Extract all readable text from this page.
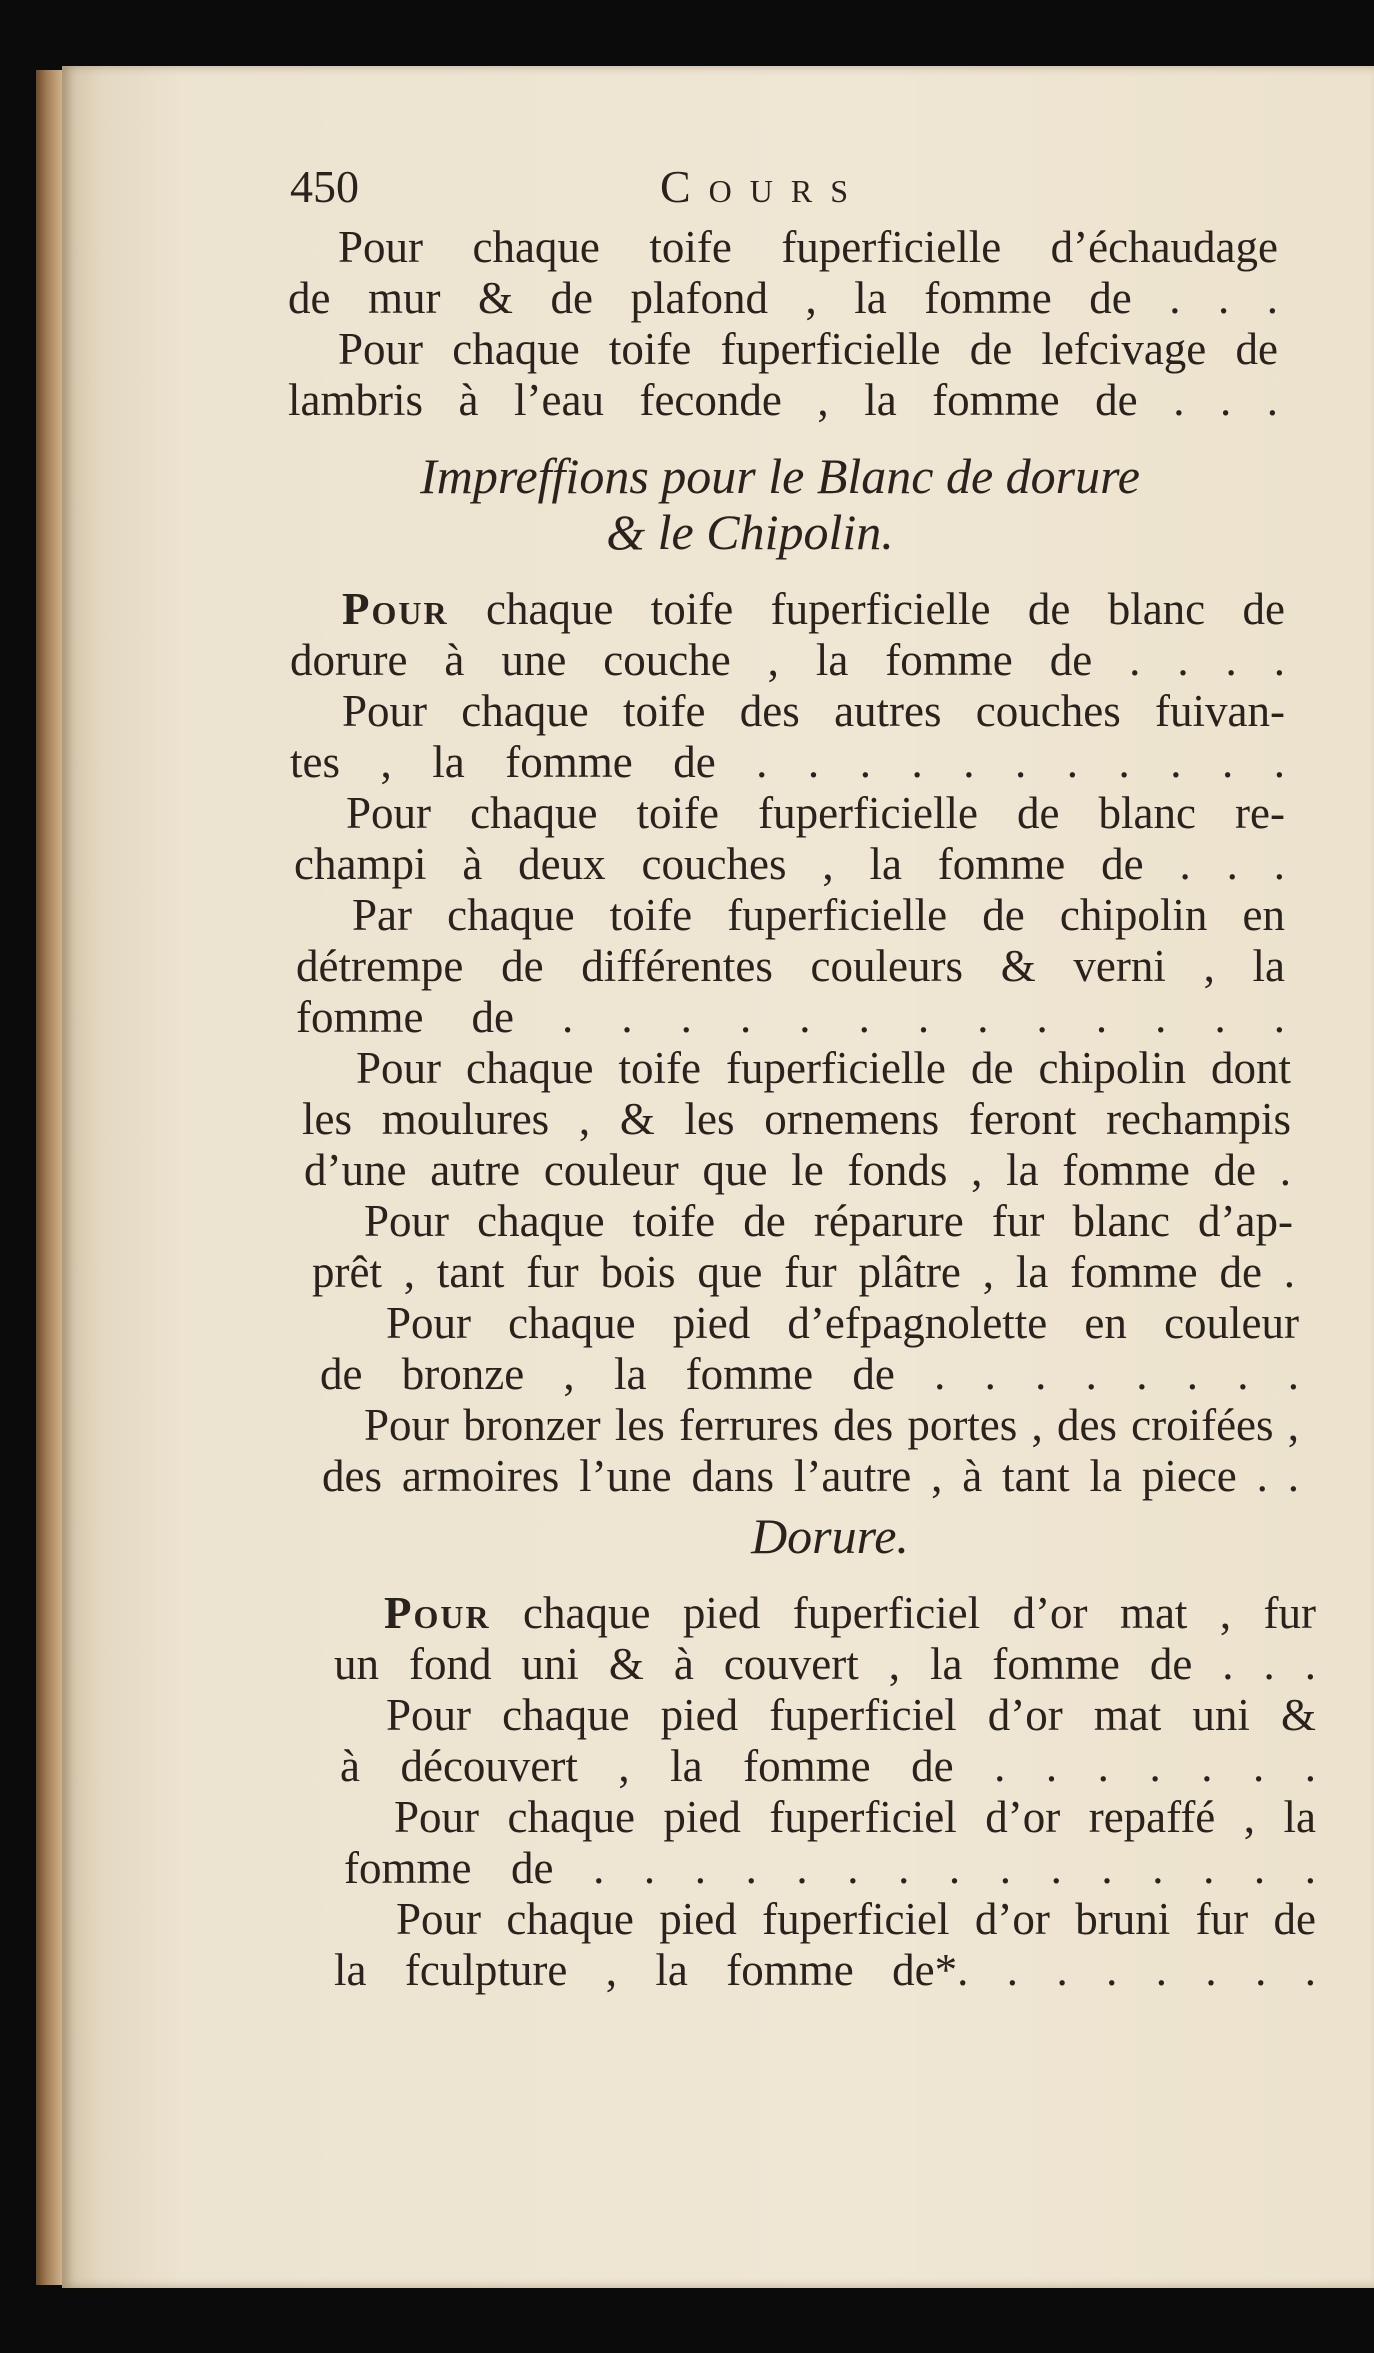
450	Cours
Pour chaque toife fuperficielle d’échaudage
de mur & de plafond , la fomme de . . .
Pour chaque toife fuperficielle de lefcivage de
lambris à l’eau feconde , la fomme de . . .
Impreffions pour le Blanc de dorure
& le Chipolin.
Pour chaque toife fuperficielle de blanc de
dorure à une couche , la fomme de . . . .
Pour chaque toife des autres couches fuivan-
tes , la fomme de . . . . . . . . . . .
Pour chaque toife fuperficielle de blanc re-
champi à deux couches , la fomme de . . .
Par chaque toife fuperficielle de chipolin en
détrempe de différentes couleurs & verni , la
fomme de . . . . . . . . . . . . .
Pour chaque toife fuperficielle de chipolin dont
les moulures , & les ornemens feront rechampis
d’une autre couleur que le fonds , la fomme de .
Pour chaque toife de réparure fur blanc d’ap-
prêt , tant fur bois que fur plâtre , la fomme de .
Pour chaque pied d’efpagnolette en couleur
de bronze , la fomme de . . . . . . . .
Pour bronzer les ferrures des portes , des croifées ,
des armoires l’une dans l’autre , à tant la piece . .
Dorure.
Pour chaque pied fuperficiel d’or mat , fur
un fond uni & à couvert , la fomme de . . .
Pour chaque pied fuperficiel d’or mat uni &
à découvert , la fomme de . . . . . . .
Pour chaque pied fuperficiel d’or repaffé , la
fomme de . . . . . . . . . . . . . . .
Pour chaque pied fuperficiel d’or bruni fur de
la fculpture , la fomme de*. . . . . . . .
